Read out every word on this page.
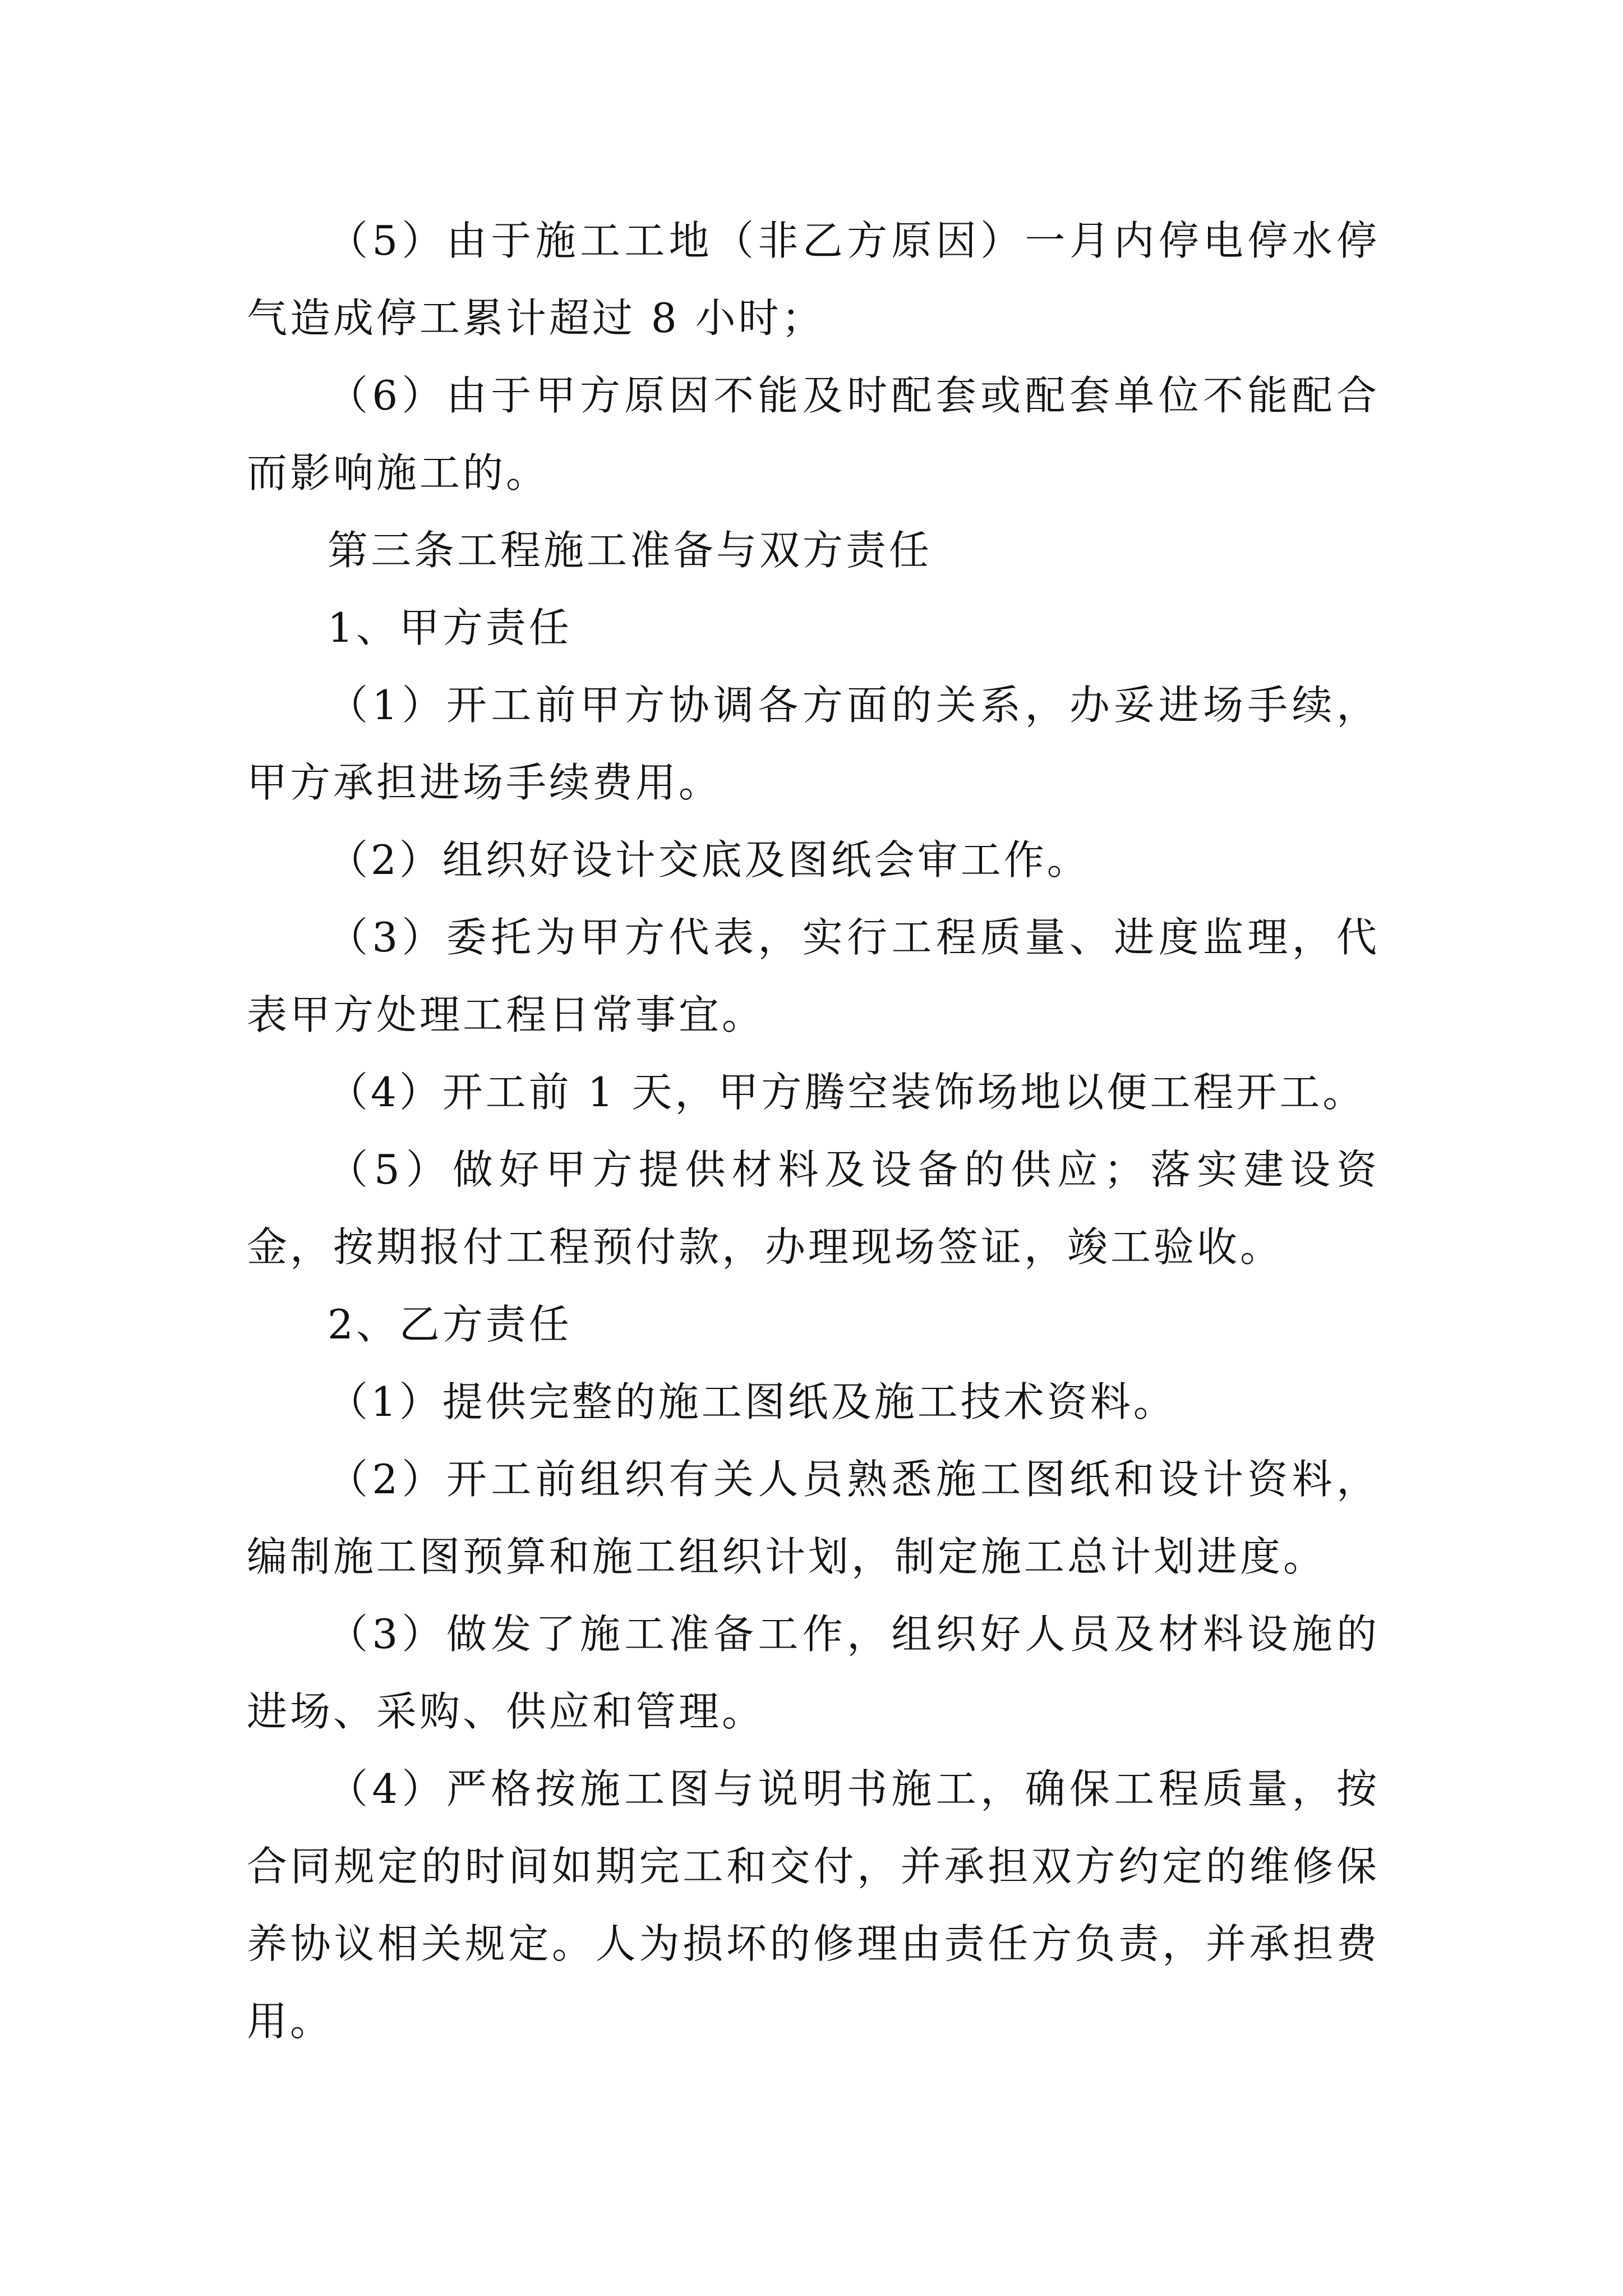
（5）由于施工工地（非乙方原因）一月内停电停水停气造成停工累计超过 8 小时；

（6）由于甲方原因不能及时配套或配套单位不能配合而影响施工的。

第三条工程施工准备与双方责任

1、甲方责任

（1）开工前甲方协调各方面的关系，办妥进场手续，甲方承担进场手续费用。

（2）组织好设计交底及图纸会审工作。

（3）委托为甲方代表，实行工程质量、进度监理，代表甲方处理工程日常事宜。

（4）开工前 1 天，甲方腾空装饰场地以便工程开工。

（5）做好甲方提供材料及设备的供应；落实建设资金，按期报付工程预付款，办理现场签证，竣工验收。

2、乙方责任

（1）提供完整的施工图纸及施工技术资料。

（2）开工前组织有关人员熟悉施工图纸和设计资料，编制施工图预算和施工组织计划，制定施工总计划进度。

（3）做发了施工准备工作，组织好人员及材料设施的进场、采购、供应和管理。

（4）严格按施工图与说明书施工，确保工程质量，按合同规定的时间如期完工和交付，并承担双方约定的维修保养协议相关规定。人为损坏的修理由责任方负责，并承担费用。
